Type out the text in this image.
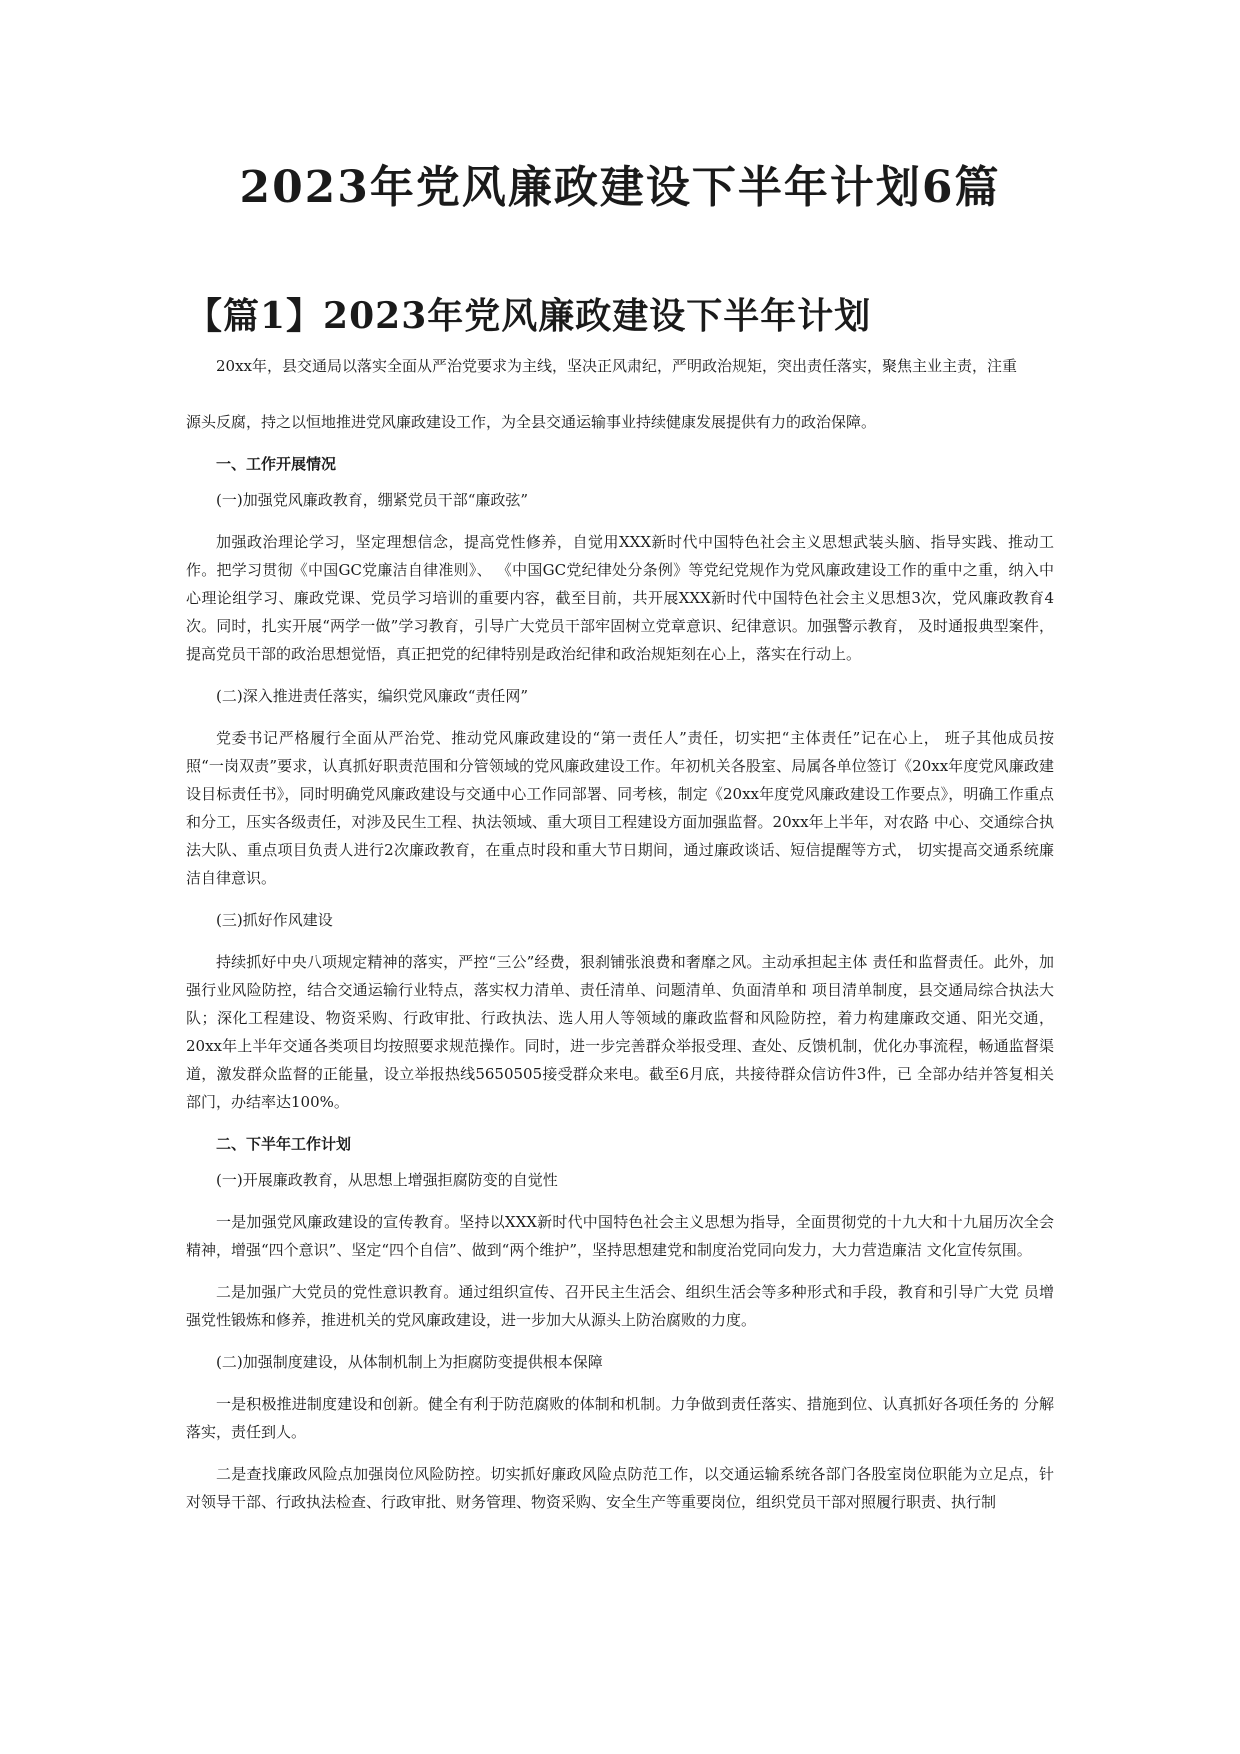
2023年党风廉政建设下半年计划6篇
【篇1】2023年党风廉政建设下半年计划

20xx年，县交通局以落实全面从严治党要求为主线，坚决正风肃纪，严明政治规矩，突出责任落实，聚焦主业主责，注重

源头反腐，持之以恒地推进党风廉政建设工作，为全县交通运输事业持续健康发展提供有力的政治保障。

一、工作开展情况

(一)加强党风廉政教育，绷紧党员干部“廉政弦”

加强政治理论学习，坚定理想信念，提高党性修养，自觉用XXX新时代中国特色社会主义思想武装头脑、指导实践、推动工作。把学习贯彻《中国GC党廉洁自律准则》、 《中国GC党纪律处分条例》等党纪党规作为党风廉政建设工作的重中之重，纳入中心理论组学习、廉政党课、党员学习培训的重要内容，截至目前，共开展XXX新时代中国特色社会主义思想3次，党风廉政教育4次。同时，扎实开展“两学一做”学习教育，引导广大党员干部牢固树立党章意识、纪律意识。加强警示教育， 及时通报典型案件，提高党员干部的政治思想觉悟，真正把党的纪律特别是政治纪律和政治规矩刻在心上，落实在行动上。

(二)深入推进责任落实，编织党风廉政“责任网”

党委书记严格履行全面从严治党、推动党风廉政建设的“第一责任人”责任，切实把“主体责任”记在心上， 班子其他成员按照“一岗双责”要求，认真抓好职责范围和分管领域的党风廉政建设工作。年初机关各股室、局属各单位签订《20xx年度党风廉政建设目标责任书》，同时明确党风廉政建设与交通中心工作同部署、同考核，制定《20xx年度党风廉政建设工作要点》，明确工作重点和分工，压实各级责任，对涉及民生工程、执法领域、重大项目工程建设方面加强监督。20xx年上半年，对农路 中心、交通综合执法大队、重点项目负责人进行2次廉政教育，在重点时段和重大节日期间，通过廉政谈话、短信提醒等方式， 切实提高交通系统廉洁自律意识。

(三)抓好作风建设

持续抓好中央八项规定精神的落实，严控“三公”经费，狠刹铺张浪费和奢靡之风。主动承担起主体 责任和监督责任。此外，加强行业风险防控，结合交通运输行业特点，落实权力清单、责任清单、问题清单、负面清单和 项目清单制度，县交通局综合执法大队；深化工程建设、物资采购、行政审批、行政执法、选人用人等领域的廉政监督和风险防控，着力构建廉政交通、阳光交通，20xx年上半年交通各类项目均按照要求规范操作。同时，进一步完善群众举报受理、查处、反馈机制，优化办事流程，畅通监督渠道，激发群众监督的正能量，设立举报热线5650505接受群众来电。截至6月底，共接待群众信访件3件，已 全部办结并答复相关部门，办结率达100%。

二、下半年工作计划

(一)开展廉政教育，从思想上增强拒腐防变的自觉性

一是加强党风廉政建设的宣传教育。坚持以XXX新时代中国特色社会主义思想为指导，全面贯彻党的十九大和十九届历次全会精神，增强“四个意识”、坚定“四个自信”、做到“两个维护”，坚持思想建党和制度治党同向发力，大力营造廉洁 文化宣传氛围。

二是加强广大党员的党性意识教育。通过组织宣传、召开民主生活会、组织生活会等多种形式和手段，教育和引导广大党 员增强党性锻炼和修养，推进机关的党风廉政建设，进一步加大从源头上防治腐败的力度。

(二)加强制度建设，从体制机制上为拒腐防变提供根本保障

一是积极推进制度建设和创新。健全有利于防范腐败的体制和机制。力争做到责任落实、措施到位、认真抓好各项任务的 分解落实，责任到人。

二是查找廉政风险点加强岗位风险防控。切实抓好廉政风险点防范工作，以交通运输系统各部门各股室岗位职能为立足点，针对领导干部、行政执法检查、行政审批、财务管理、物资采购、安全生产等重要岗位，组织党员干部对照履行职责、执行制
